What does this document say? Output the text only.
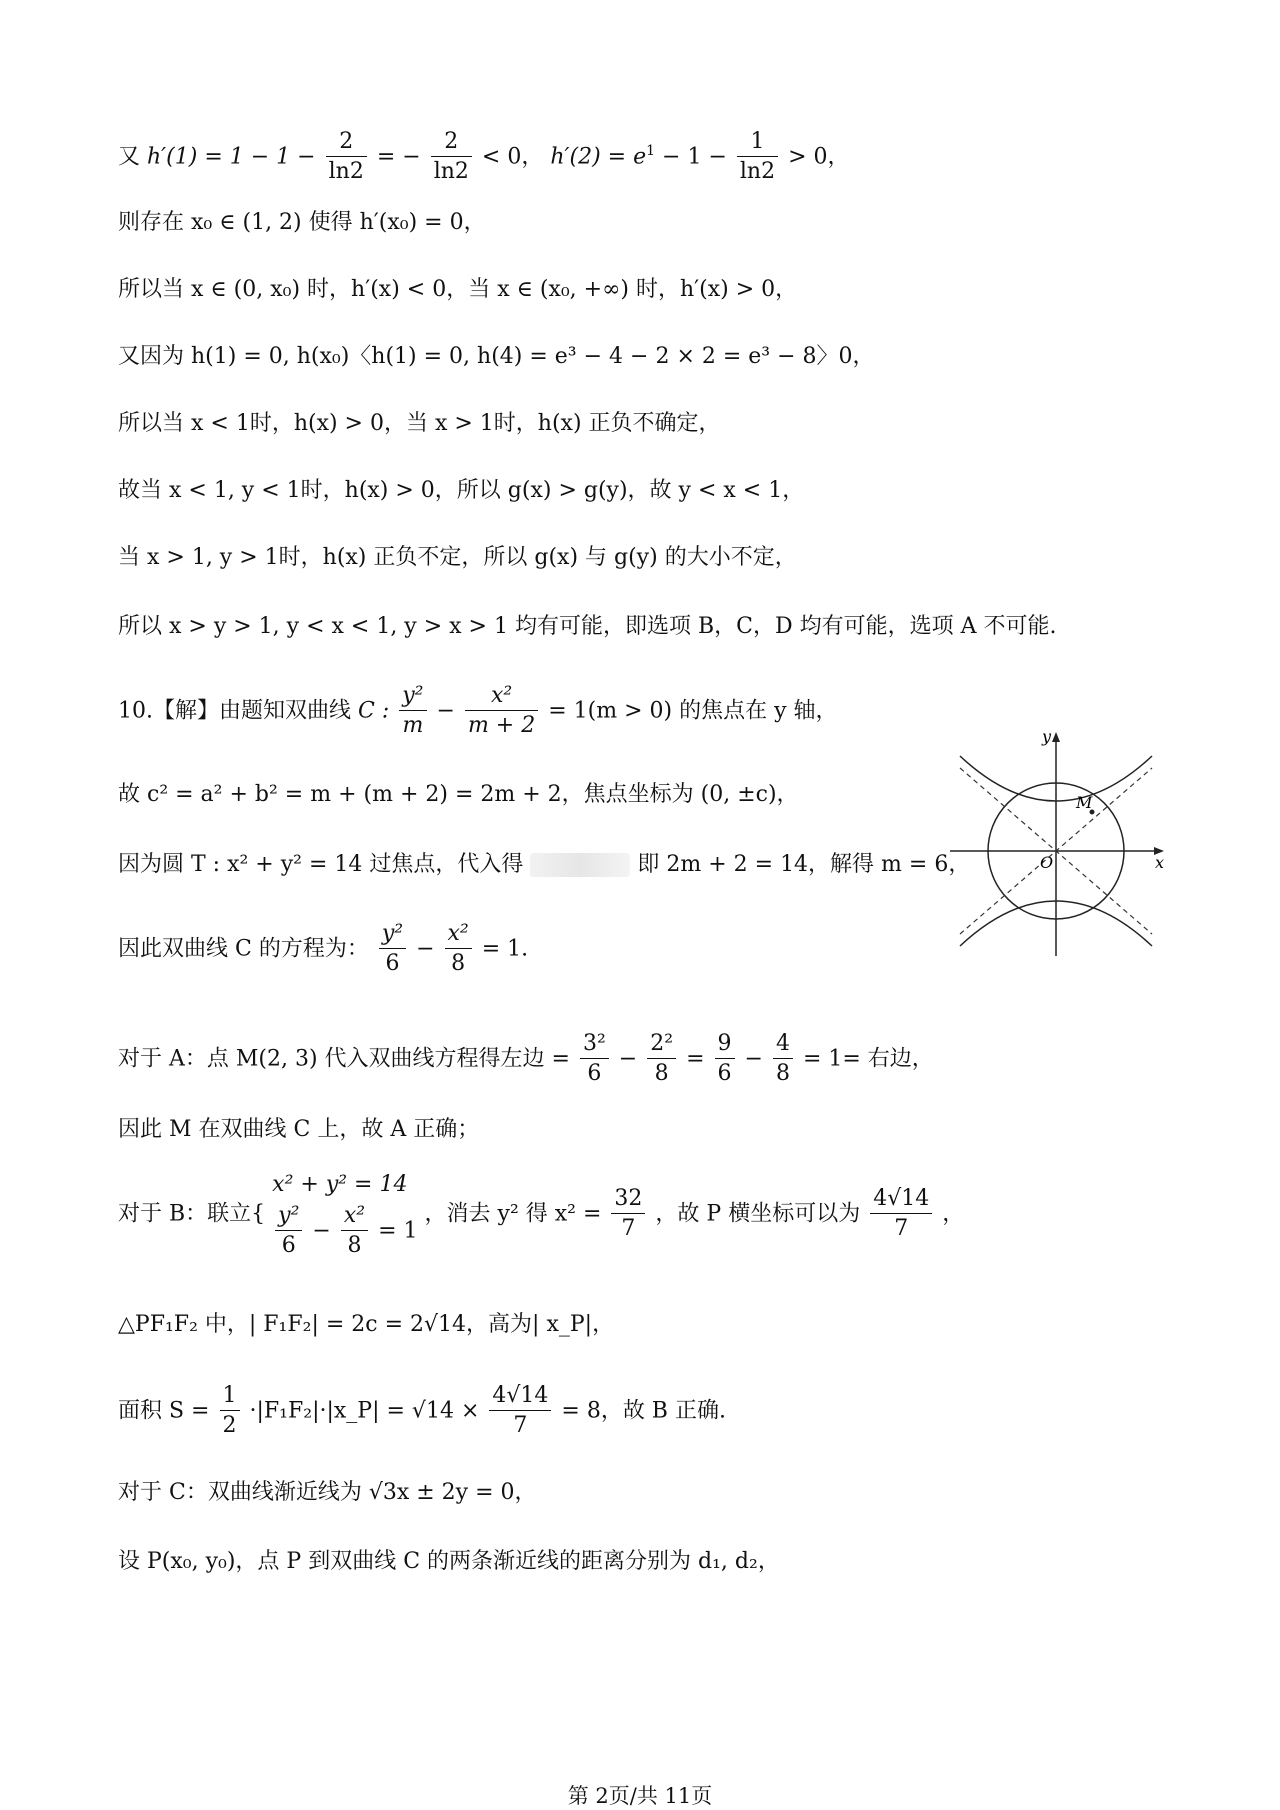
又 $h'(1) = 1 - 1 - \frac{2}{\ln 2}$ = − $\frac{2}{\ln 2} < 0$， $h'(2) = e^1 - 1 - \frac{1}{\ln 2} > 0$，
则存在 x₀ ∈ (1, 2) 使得 h′(x₀) = 0，
所以当 x ∈ (0, x₀) 时，h′(x) < 0，当 x ∈ (x₀, +∞) 时，h′(x) > 0，
又因为 h(1) = 0, h(x₀)〈h(1) = 0, h(4) = e³ − 4 − 2 × 2 = e³ − 8〉0，
所以当 x < 1时，h(x) > 0，当 x > 1时，h(x) 正负不确定，
故当 x < 1, y < 1时，h(x) > 0，所以 g(x) > g(y)，故 y < x < 1，
当 x > 1, y > 1时，h(x) 正负不定，所以 g(x) 与 g(y) 的大小不定，
所以 x > y > 1, y < x < 1, y > x > 1 均有可能，即选项 B，C，D 均有可能，选项 A 不可能.
10.【解】由题知双曲线 C : $\frac{\text{y²}}{m} - \frac{\text{x²}}{m + 2} = 1(m > 0)$ 的焦点在 y 轴，
故 c² = a² + b² = m + (m + 2) = 2m + 2，焦点坐标为 (0, ±c)，
因为圆 T : x² + y² = 14 过焦点，代入得	即 2m + 2 = 14，解得 m = 6，
因此双曲线 C 的方程为： $\frac{\text{y²}}{6} - \frac{\text{x²}}{8} = 1$.
对于 A：点 M(2, 3) 代入双曲线方程得左边 = $\frac{\text{3²}}{6} - \frac{\text{2²}}{8} = \frac{9}{6} - \frac{4}{8} = 1=$ 右边，
因此 M 在双曲线 C 上，故 A 正确；
对于 B：联立{
x² + y² = 14
$\frac{\text{y²}}{6} - \frac{\text{x²}}{8} = 1$
，消去 y² 得 $x^2 = \frac{32}{7}$ ，故 P 横坐标可以为 $\frac{4√14}{7}$ ，
△PF₁F₂ 中，| F₁F₂| = 2c = 2√14，高为| x_P|，
面积 $S = \frac{1}{2}$ ·|F₁F₂|·|x_P| = $√14 \times \frac{4√14}{7} = 8$，故 B 正确.
对于 C：双曲线渐近线为 √3x ± 2y = 0，
设 P(x₀, y₀)，点 P 到双曲线 C 的两条渐近线的距离分别为 d₁, d₂，
M
x
y
O
第 2页/共 11页
